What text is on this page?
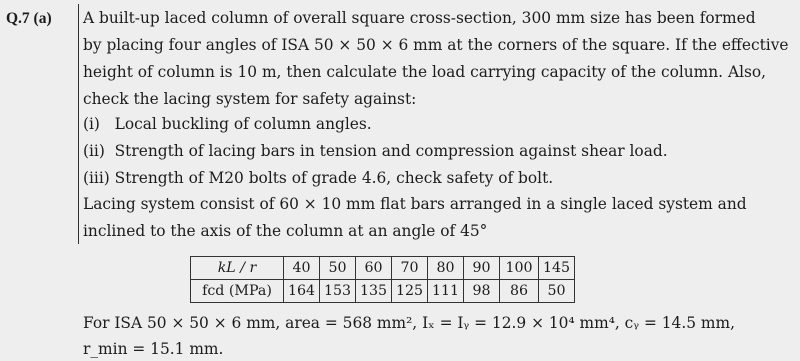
Q.7 (a) A built-up laced column of overall square cross-section, 300 mm size has been formed
by placing four angles of ISA 50 × 50 × 6 mm at the corners of the square. If the effective
height of column is 10 m, then calculate the load carrying capacity of the column. Also,
check the lacing system for safety against:
(i)   Local buckling of column angles.
(ii)  Strength of lacing bars in tension and compression against shear load.
(iii) Strength of M20 bolts of grade 4.6, check safety of bolt.
Lacing system consist of 60 × 10 mm flat bars arranged in a single laced system and
inclined to the axis of the column at an angle of 45°
kL / r	40	50	60	70	80	90	100	145
fcd (MPa)	164	153	135	125	111	98	86	50
For ISA 50 × 50 × 6 mm, area = 568 mm², Iₓ = Iᵧ = 12.9 × 10⁴ mm⁴, cᵧ = 14.5 mm,
r_min = 15.1 mm.
